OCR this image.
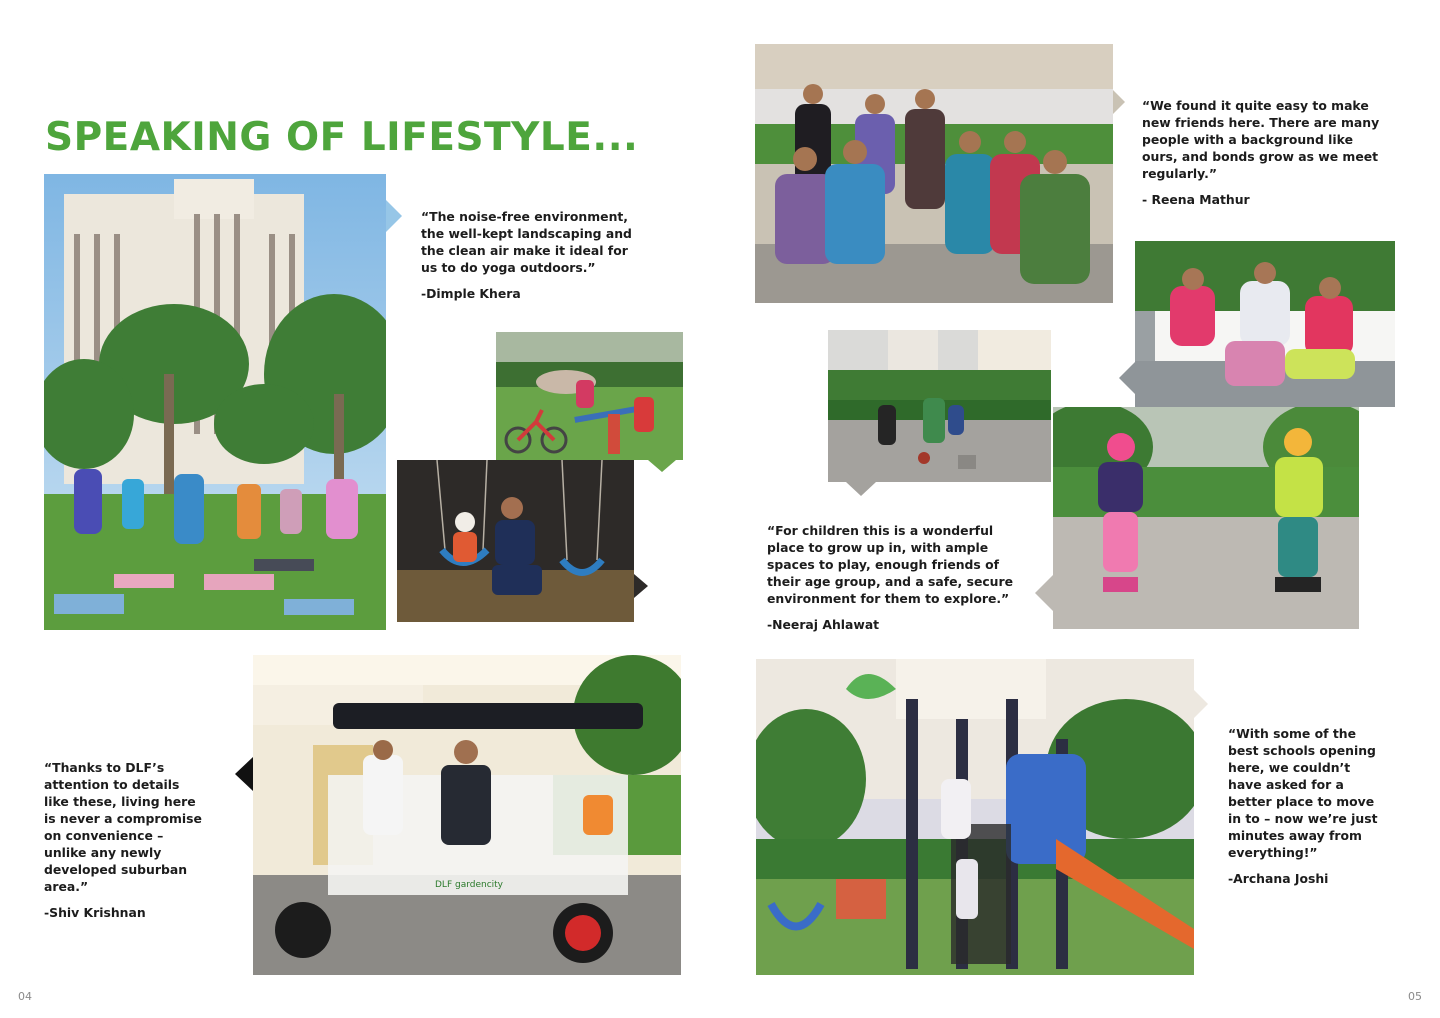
SPEAKING OF LIFESTYLE...

“The noise-free environment, the well-kept landscaping and the clean air make it ideal for us to do yoga outdoors.”
-Dimple Khera

DLF gardencity

“Thanks to DLF’s attention to details like these, living here is never a compromise on convenience – unlike any newly developed suburban area.”
-Shiv Krishnan

04

“We found it quite easy to make new friends here. There are many people with a background like ours, and bonds grow as we meet regularly.”
- Reena Mathur

“For children this is a wonderful place to grow up in, with ample spaces to play, enough friends of their age group, and a safe, secure environment for them to explore.”
-Neeraj Ahlawat

“With some of the best schools opening here, we couldn’t have asked for a better place to move in to – now we’re just minutes away from everything!”
-Archana Joshi

05
